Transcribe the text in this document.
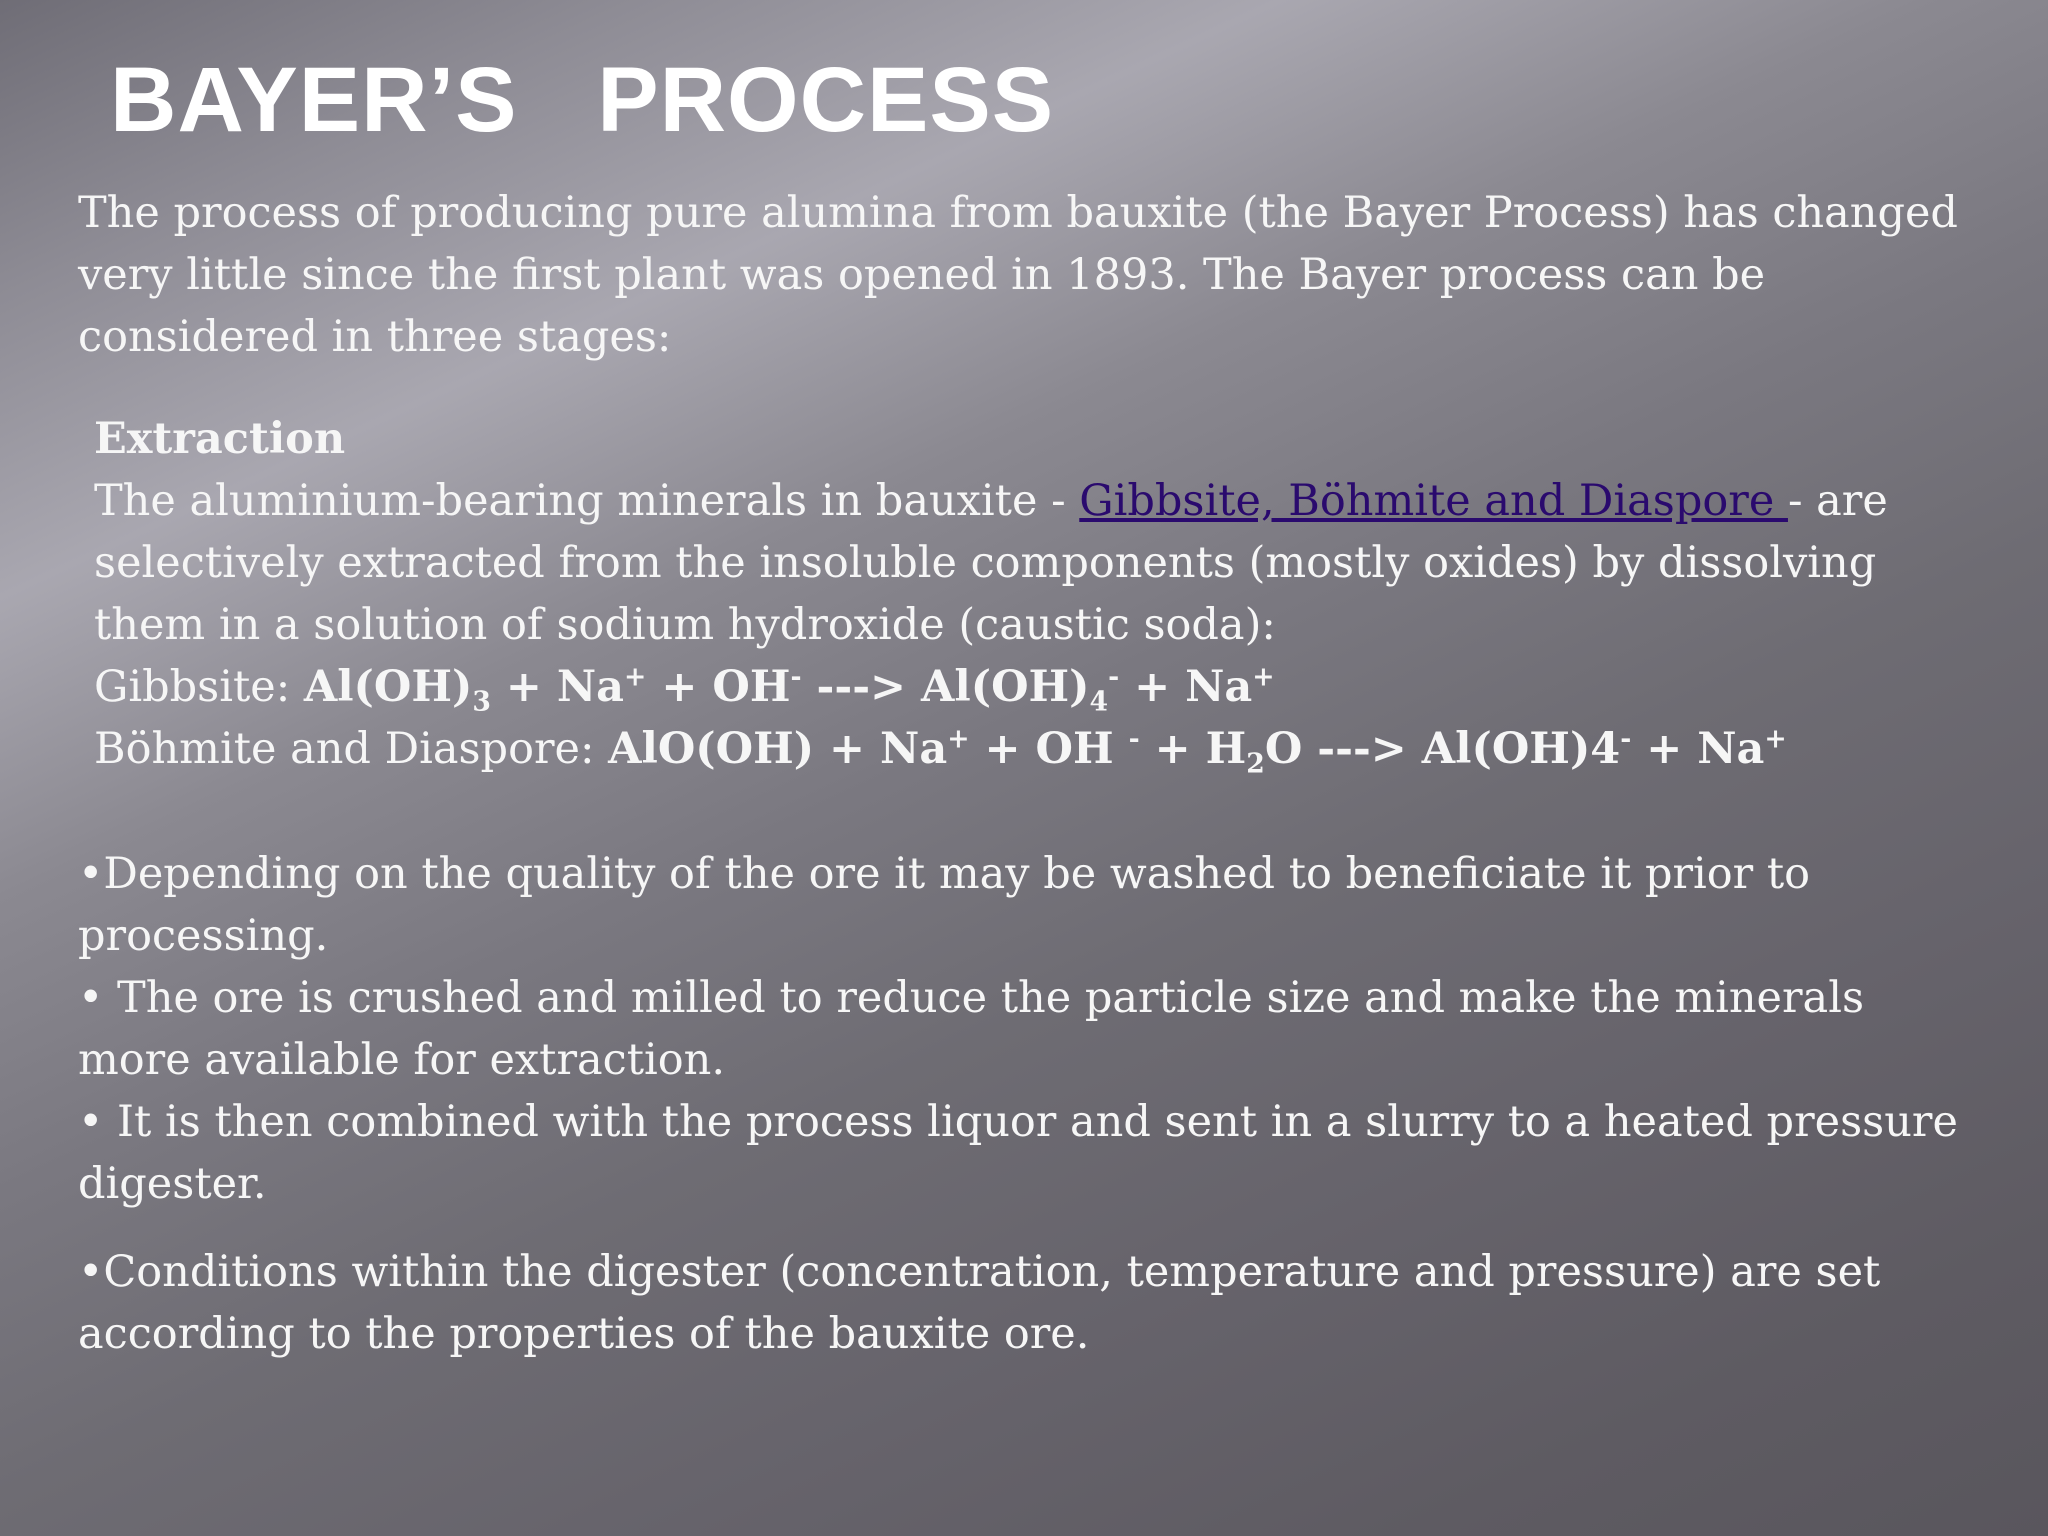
BAYER’S   PROCESS

The process of producing pure alumina from bauxite (the Bayer Process) has changed very little since the first plant was opened in 1893. The Bayer process can be considered in three stages:

Extraction
The aluminium-bearing minerals in bauxite - Gibbsite, Böhmite and Diaspore - are selectively extracted from the insoluble components (mostly oxides) by dissolving them in a solution of sodium hydroxide (caustic soda):
Gibbsite: $Al(OH)_3 + Na^+ + OH^-$ ---> $Al(OH)_4^- + Na^+$
Böhmite and Diaspore: AlO(OH) + Na+ + OH $^- + H_2O$ ---> Al(OH)4- + Na+

•Depending on the quality of the ore it may be washed to beneficiate it prior to processing.

• The ore is crushed and milled to reduce the particle size and make the minerals more available for extraction.

• It is then combined with the process liquor and sent in a slurry to a heated pressure digester.

•Conditions within the digester (concentration, temperature and pressure) are set according to the properties of the bauxite ore.
